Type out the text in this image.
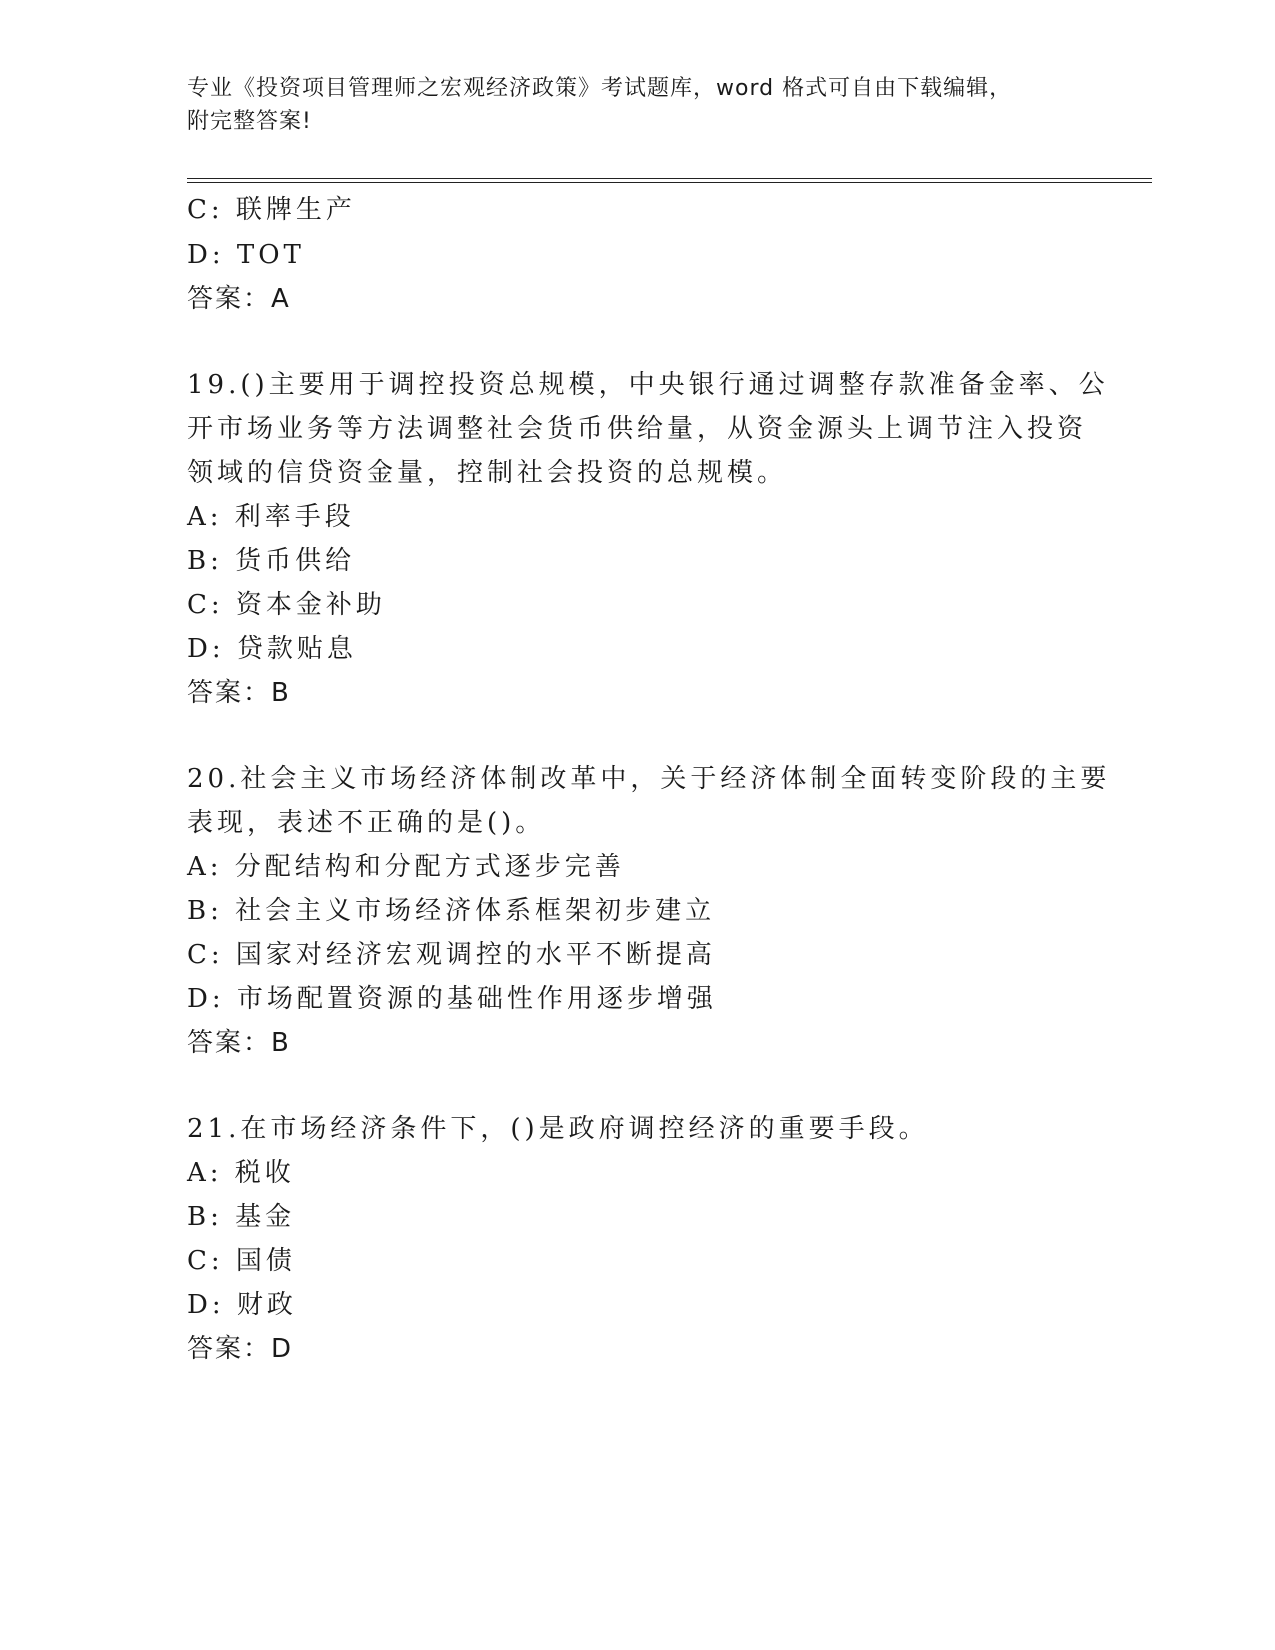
专业《投资项目管理师之宏观经济政策》考试题库，word 格式可自由下载编辑，
附完整答案!
C: 联牌生产
D: TOT
答案：A
19.()主要用于调控投资总规模，中央银行通过调整存款准备金率、公
开市场业务等方法调整社会货币供给量，从资金源头上调节注入投资
领域的信贷资金量，控制社会投资的总规模。
A: 利率手段
B: 货币供给
C: 资本金补助
D: 贷款贴息
答案：B
20.社会主义市场经济体制改革中，关于经济体制全面转变阶段的主要
表现，表述不正确的是()。
A: 分配结构和分配方式逐步完善
B: 社会主义市场经济体系框架初步建立
C: 国家对经济宏观调控的水平不断提高
D: 市场配置资源的基础性作用逐步增强
答案：B
21.在市场经济条件下，()是政府调控经济的重要手段。
A: 税收
B: 基金
C: 国债
D: 财政
答案：D
